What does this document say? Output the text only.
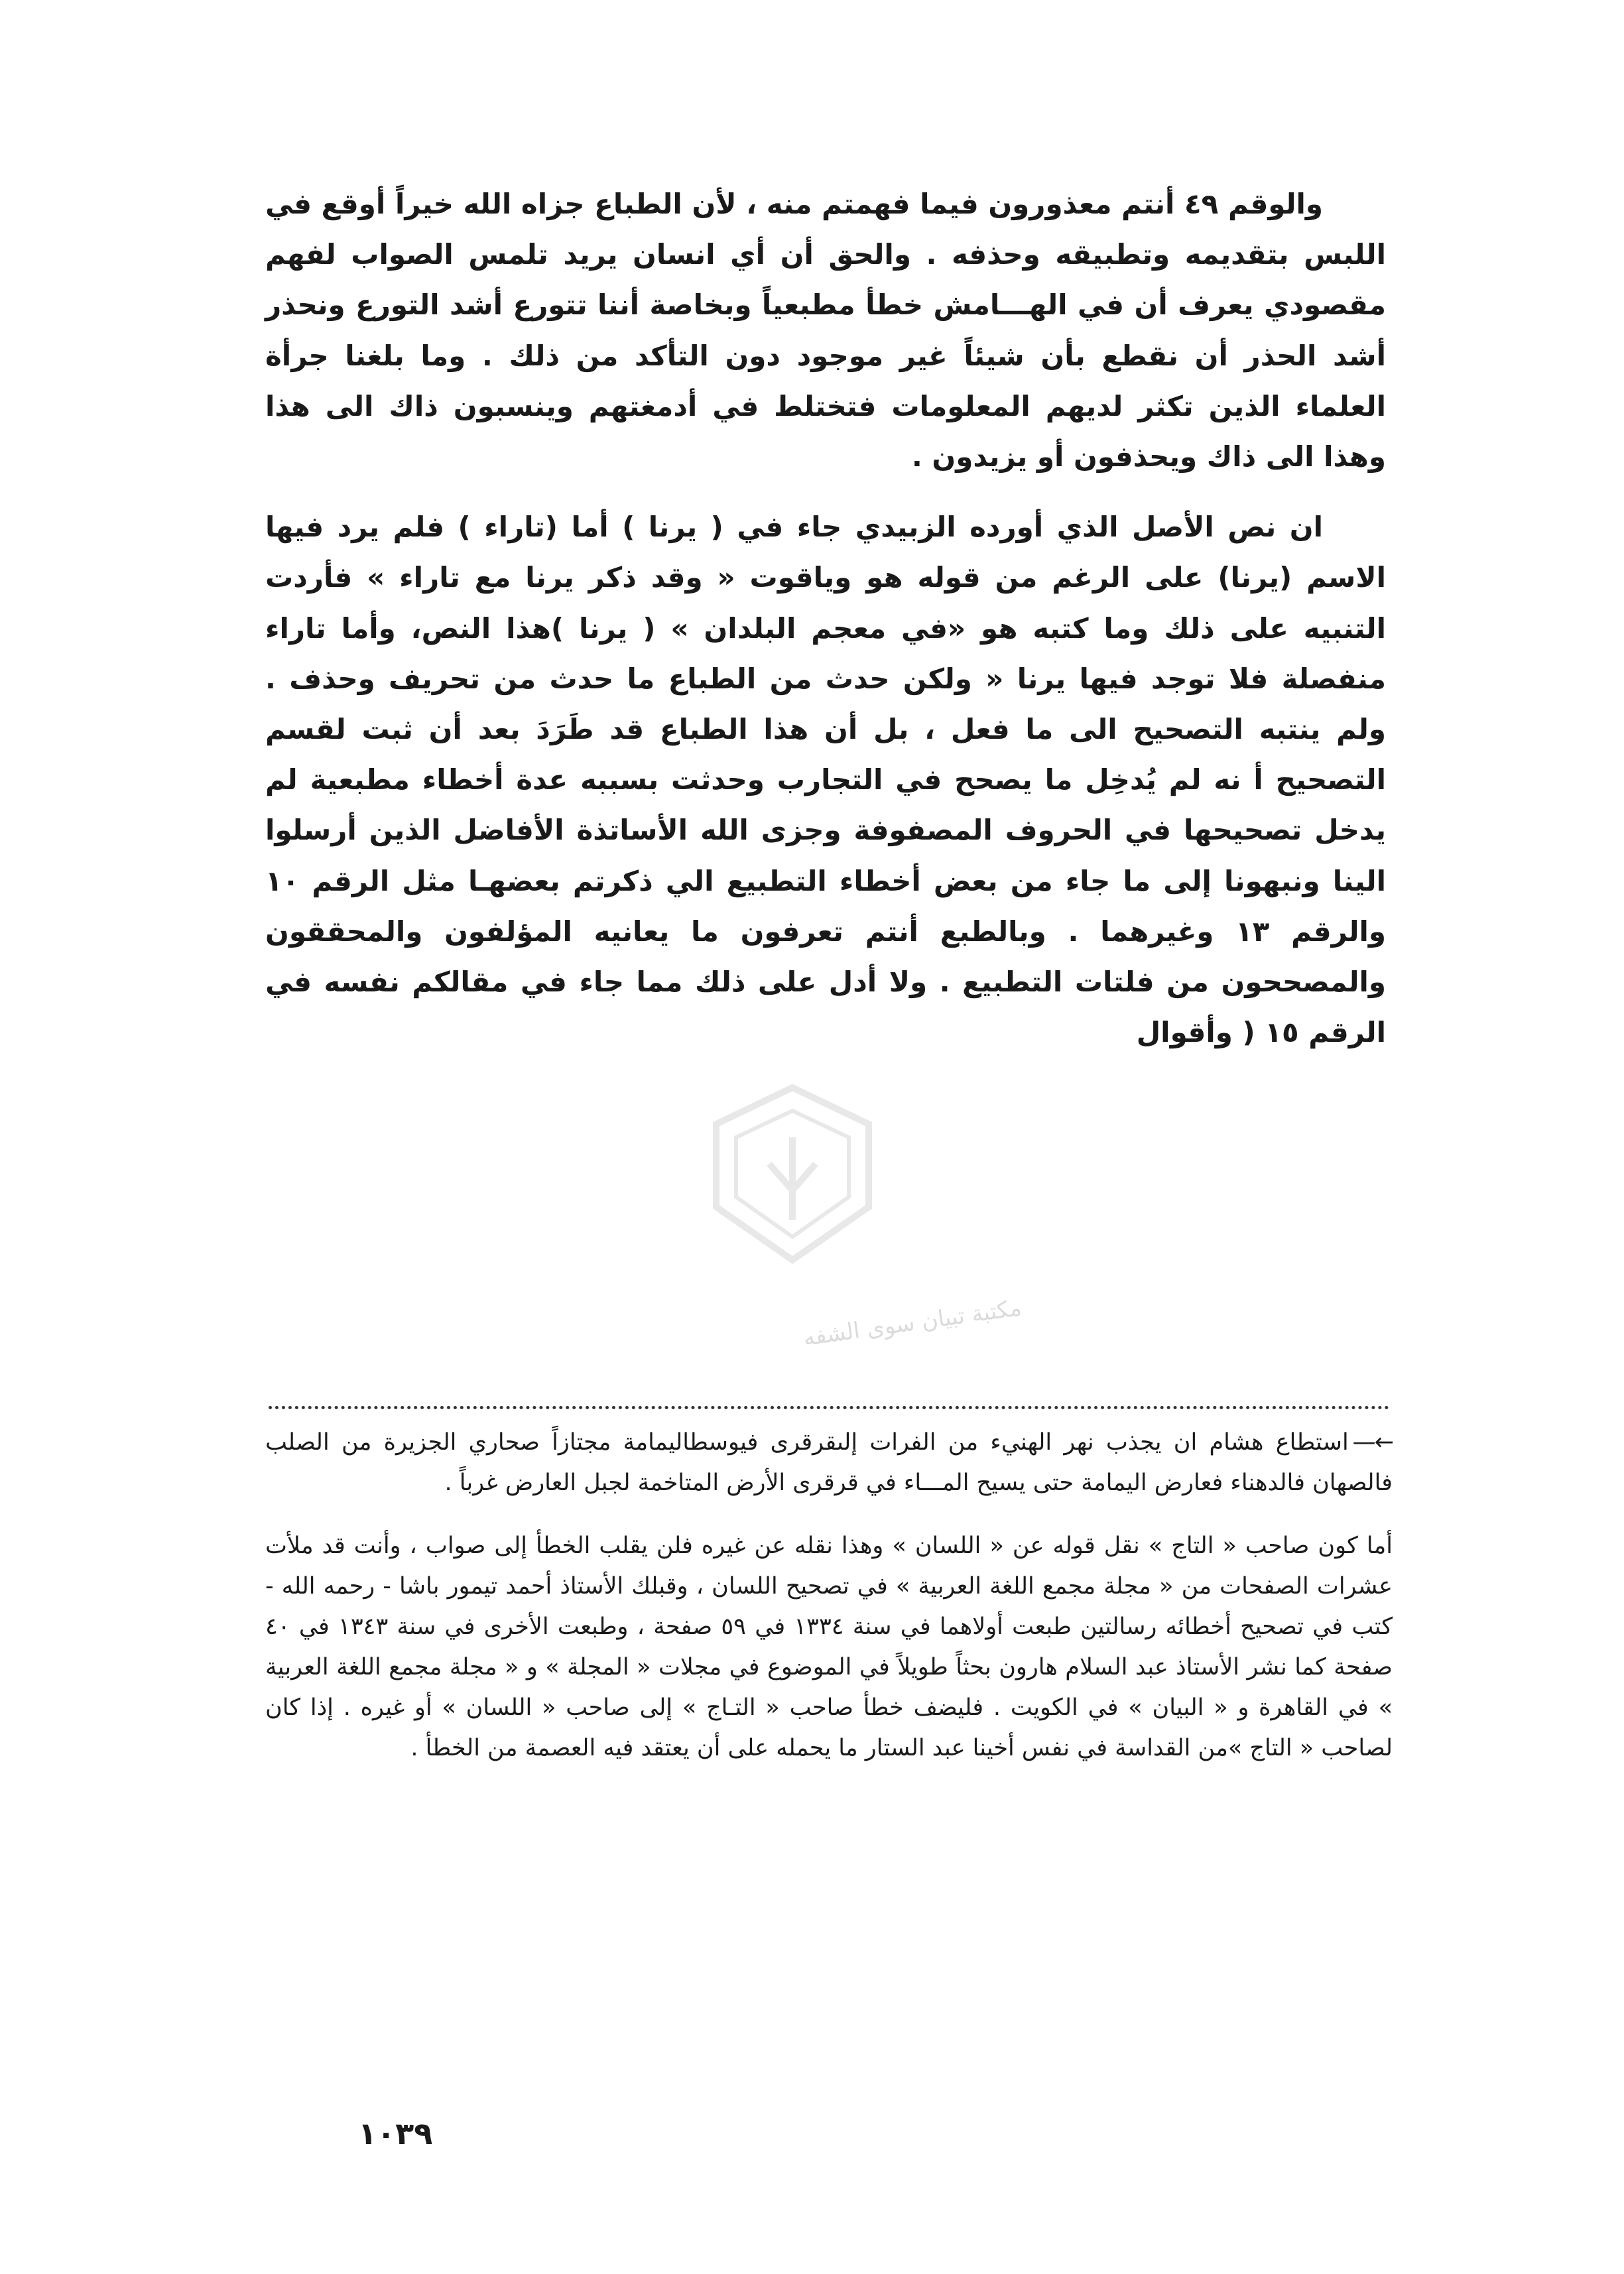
والوقم ٤٩ أنتم معذورون فيما فهمتم منه ، لأن الطباع جزاه الله خيراً أوقع في اللبس بتقديمه وتطبيقه وحذفه . والحق أن أي انسان يريد تلمس الصواب لفهم مقصودي يعرف أن في الهـــامش خطأ مطبعياً وبخاصة أننا تتورع أشد التورع ونحذر أشد الحذر أن نقطع بأن شيئاً غير موجود دون التأكد من ذلك . وما بلغنا جرأة العلماء الذين تكثر لديهم المعلومات فتختلط في أدمغتهم وينسبون ذاك الى هذا وهذا الى ذاك ويحذفون أو يزيدون .

ان نص الأصل الذي أورده الزبيدي جاء في ( يرنا ) أما (تاراء ) فلم يرد فيها الاسم (يرنا) على الرغم من قوله هو وياقوت « وقد ذكر يرنا مع تاراء » فأردت التنبيه على ذلك وما كتبه هو «في معجم البلدان » ( يرنا )هذا النص، وأما تاراء منفصلة فلا توجد فيها يرنا « ولكن حدث من الطباع ما حدث من تحريف وحذف . ولم ينتبه التصحيح الى ما فعل ، بل أن هذا الطباع قد طَرَدَ بعد أن ثبت لقسم التصحيح أ نه لم يُدخِل ما يصحح في التجارب وحدثت بسببه عدة أخطاء مطبعية لم يدخل تصحيحها في الحروف المصفوفة وجزى الله الأساتذة الأفاضل الذين أرسلوا الينا ونبهونا إلى ما جاء من بعض أخطاء التطبيع الي ذكرتم بعضهـا مثل الرقم ١٠ والرقم ١٣ وغيرهما . وبالطبع أنتم تعرفون ما يعانيه المؤلفون والمحققون والمصححون من فلتات التطبيع . ولا أدل على ذلك مما جاء في مقالكم نفسه في الرقم ١٥ ( وأقوال

مكتبة تبيان سوى الشفه

←—استطاع هشام ان يجذب نهر الهنيء من الفرات إلىقرقرى فيوسطاليمامة مجتازاً صحاري الجزيرة من الصلب فالصهان فالدهناء فعارض اليمامة حتى يسيح المـــاء في قرقرى الأرض المتاخمة لجبل العارض غرباً .

أما كون صاحب « التاج » نقل قوله عن « اللسان » وهذا نقله عن غيره فلن يقلب الخطأ إلى صواب ، وأنت قد ملأت عشرات الصفحات من « مجلة مجمع اللغة العربية » في تصحيح اللسان ، وقبلك الأستاذ أحمد تيمور باشا - رحمه الله - كتب في تصحيح أخطائه رسالتين طبعت أولاهما في سنة ١٣٣٤ في ٥٩ صفحة ، وطبعت الأخرى في سنة ١٣٤٣ في ٤٠ صفحة كما نشر الأستاذ عبد السلام هارون بحثاً طويلاً في الموضوع في مجلات « المجلة » و « مجلة مجمع اللغة العربية » في القاهرة و « البيان » في الكويت . فليضف خطأ صاحب « التـاج » إلى صاحب « اللسان » أو غيره . إذا كان لصاحب « التاج »من القداسة في نفس أخينا عبد الستار ما يحمله على أن يعتقد فيه العصمة من الخطأ .

١٠٣٩
